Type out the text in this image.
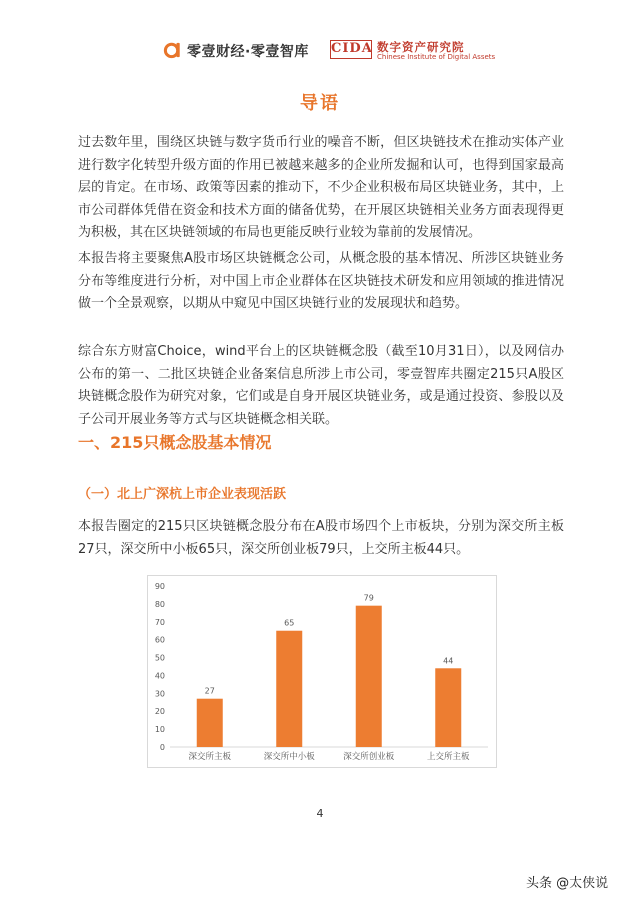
零壹财经·零壹智库 CIDA 数字资产研究院
Chinese Institute of Digital Assets
导语

过去数年里，围绕区块链与数字货币行业的噪音不断，但区块链技术在推动实体产业进行数字化转型升级方面的作用已被越来越多的企业所发掘和认可，也得到国家最高层的肯定。在市场、政策等因素的推动下，不少企业积极布局区块链业务，其中，上市公司群体凭借在资金和技术方面的储备优势，在开展区块链相关业务方面表现得更为积极，其在区块链领域的布局也更能反映行业较为靠前的发展情况。

本报告将主要聚焦A股市场区块链概念公司，从概念股的基本情况、所涉区块链业务分布等维度进行分析，对中国上市企业群体在区块链技术研发和应用领域的推进情况做一个全景观察，以期从中窥见中国区块链行业的发展现状和趋势。

综合东方财富Choice，wind平台上的区块链概念股（截至10月31日），以及网信办公布的第一、二批区块链企业备案信息所涉上市公司，零壹智库共圈定215只A股区块链概念股作为研究对象，它们或是自身开展区块链业务，或是通过投资、参股以及子公司开展业务等方式与区块链概念相关联。

一、215只概念股基本情况
（一）北上广深杭上市企业表现活跃

本报告圈定的215只区块链概念股分布在A股市场四个上市板块，分别为深交所主板27只，深交所中小板65只，深交所创业板79只，上交所主板44只。

0
10
20
30
40
50
60
70
80
90
27
深交所主板
65
深交所中小板
79
深交所创业板
44
上交所主板
4
头条 @太侠说
